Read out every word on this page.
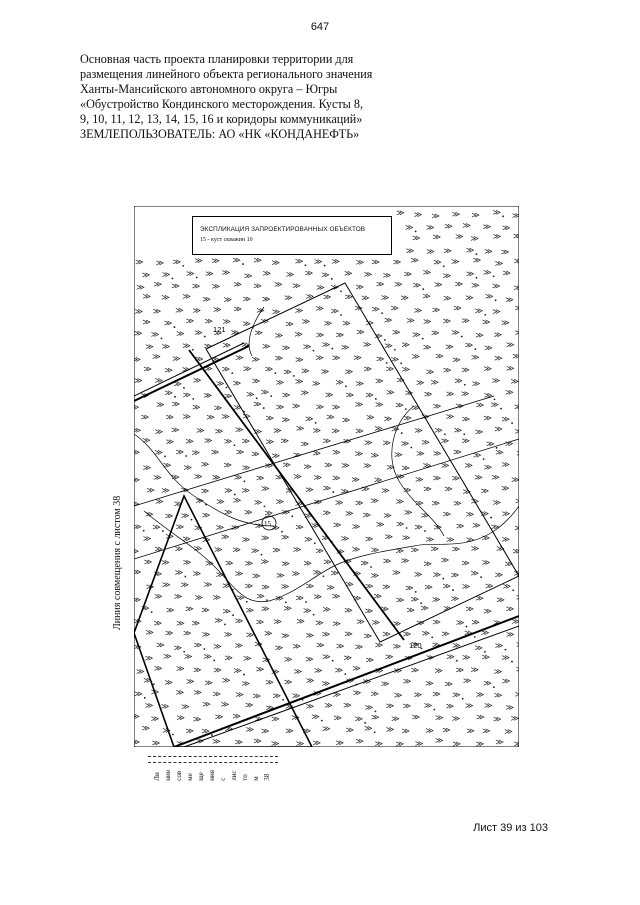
647
Основная часть проекта планировки территории для
размещения линейного объекта регионального значения
Ханты-Мансийского автономного округа – Югры
«Обустройство Кондинского месторождения. Кусты 8,
9, 10, 11, 12, 13, 14, 15, 16 и коридоры коммуникаций»
ЗЕМЛЕПОЛЬЗОВАТЕЛЬ: АО «НК «КОНДАНЕФТЬ»
15
121
120
ЭКСПЛИКАЦИЯ ЗАПРОЕКТИРОВАННЫХ ОБЪЕКТОВ
15 - куст скважин 10
Линия совмещения с листом 38
Ли ния сов ме ще ния с лис то м 38
Лист 39 из 103
